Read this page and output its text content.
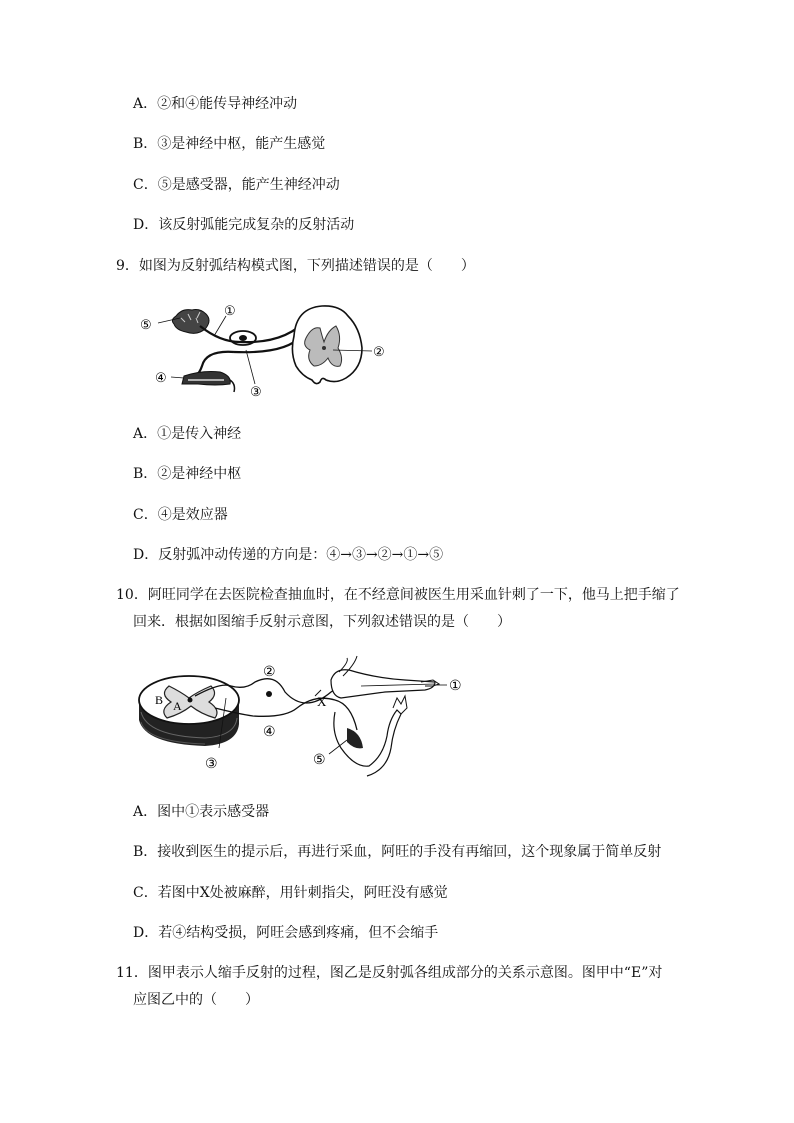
A．②和④能传导神经冲动
B．③是神经中枢，能产生感觉
C．⑤是感受器，能产生神经冲动
D．该反射弧能完成复杂的反射活动
9．如图为反射弧结构模式图，下列描述错误的是（　　）
⑤
①
②
④
③
A．①是传入神经
B．②是神经中枢
C．④是效应器
D．反射弧冲动传递的方向是：④→③→②→①→⑤
10．阿旺同学在去医院检查抽血时，在不经意间被医生用采血针刺了一下，他马上把手缩了
回来．根据如图缩手反射示意图，下列叙述错误的是（　　）
②
X
①
④
③	⑤
B A
A．图中①表示感受器
B．接收到医生的提示后，再进行采血，阿旺的手没有再缩回，这个现象属于简单反射
C．若图中X处被麻醉，用针刺指尖，阿旺没有感觉
D．若④结构受损，阿旺会感到疼痛，但不会缩手
11．图甲表示人缩手反射的过程，图乙是反射弧各组成部分的关系示意图。图甲中“E”对
应图乙中的（　　）
